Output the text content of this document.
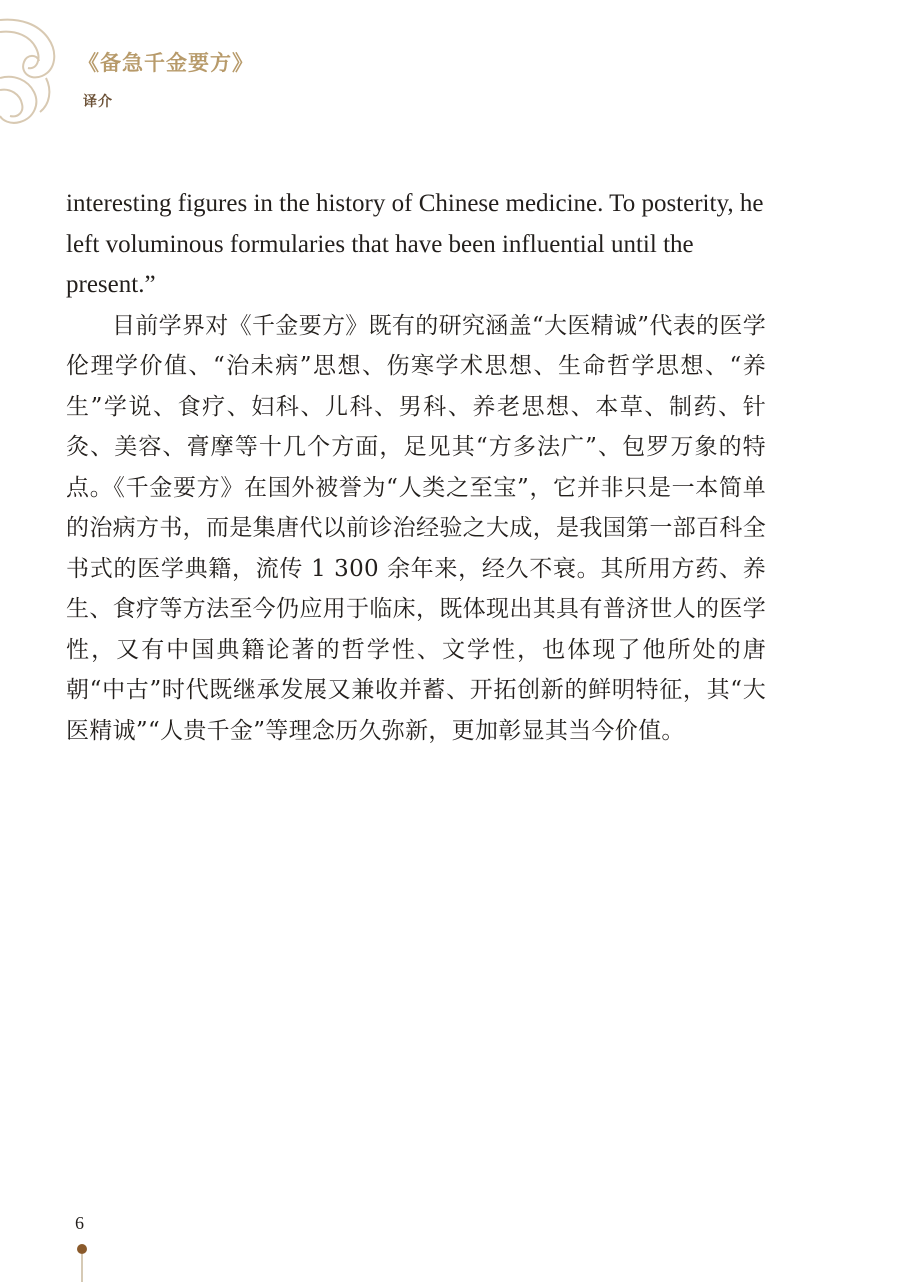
《备急千金要方》
译介

interesting figures in the history of Chinese medicine. To posterity, he left voluminous formularies that have been influential until the present.”

目前学界对《千金要方》既有的研究涵盖“大医精诚”代表的医学伦理学价值、“治未病”思想、伤寒学术思想、生命哲学思想、“养生”学说、食疗、妇科、儿科、男科、养老思想、本草、制药、针灸、美容、膏摩等十几个方面，足见其“方多法广”、包罗万象的特点。《千金要方》在国外被誉为“人类之至宝”，它并非只是一本简单的治病方书，而是集唐代以前诊治经验之大成，是我国第一部百科全书式的医学典籍，流传 1 300 余年来，经久不衰。其所用方药、养生、食疗等方法至今仍应用于临床，既体现出其具有普济世人的医学性，又有中国典籍论著的哲学性、文学性，也体现了他所处的唐朝“中古”时代既继承发展又兼收并蓄、开拓创新的鲜明特征，其“大医精诚”“人贵千金”等理念历久弥新，更加彰显其当今价值。

6
